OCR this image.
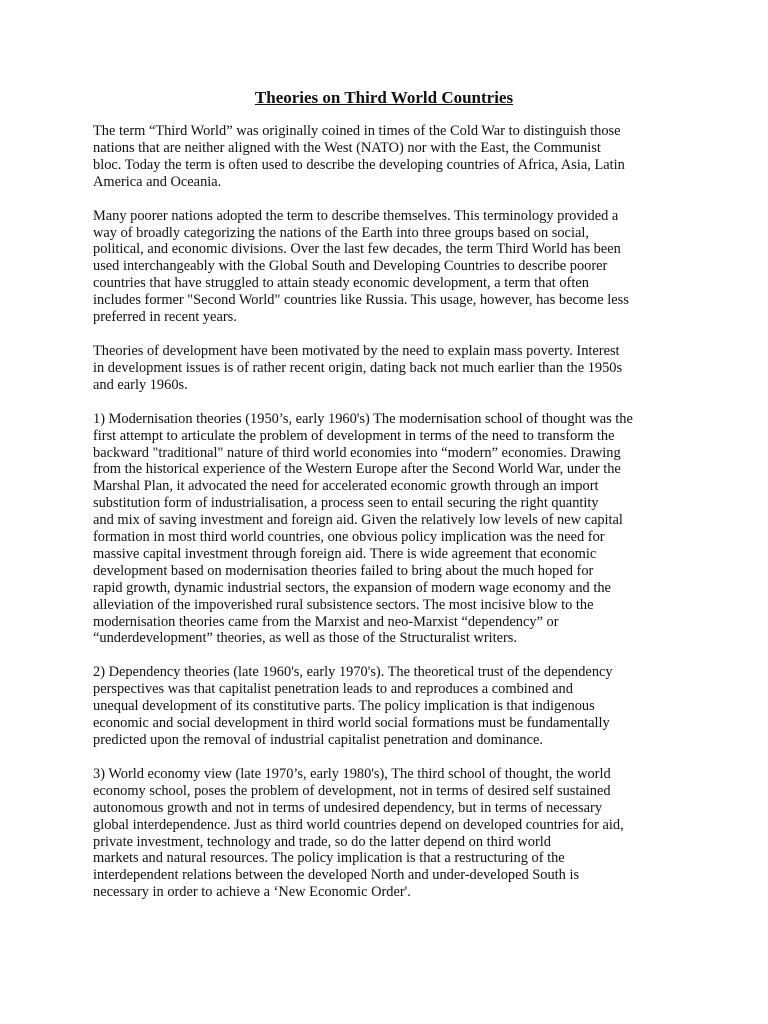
Theories on Third World Countries

The term “Third World” was originally coined in times of the Cold War to distinguish those
nations that are neither aligned with the West (NATO) nor with the East, the Communist
bloc. Today the term is often used to describe the developing countries of Africa, Asia, Latin
America and Oceania.

Many poorer nations adopted the term to describe themselves. This terminology provided a
way of broadly categorizing the nations of the Earth into three groups based on social,
political, and economic divisions. Over the last few decades, the term Third World has been
used interchangeably with the Global South and Developing Countries to describe poorer
countries that have struggled to attain steady economic development, a term that often
includes former "Second World" countries like Russia. This usage, however, has become less
preferred in recent years.

Theories of development have been motivated by the need to explain mass poverty. Interest
in development issues is of rather recent origin, dating back not much earlier than the 1950s
and early 1960s.

1) Modernisation theories (1950’s, early 1960's) The modernisation school of thought was the
first attempt to articulate the problem of development in terms of the need to transform the
backward "traditional" nature of third world economies into “modern” economies. Drawing
from the historical experience of the Western Europe after the Second World War, under the
Marshal Plan, it advocated the need for accelerated economic growth through an import
substitution form of industrialisation, a process seen to entail securing the right quantity
and mix of saving investment and foreign aid. Given the relatively low levels of new capital
formation in most third world countries, one obvious policy implication was the need for
massive capital investment through foreign aid. There is wide agreement that economic
development based on modernisation theories failed to bring about the much hoped for
rapid growth, dynamic industrial sectors, the expansion of modern wage economy and the
alleviation of the impoverished rural subsistence sectors. The most incisive blow to the
modernisation theories came from the Marxist and neo-Marxist “dependency” or
“underdevelopment” theories, as well as those of the Structuralist writers.

2) Dependency theories (late 1960's, early 1970's). The theoretical trust of the dependency
perspectives was that capitalist penetration leads to and reproduces a combined and
unequal development of its constitutive parts. The policy implication is that indigenous
economic and social development in third world social formations must be fundamentally
predicted upon the removal of industrial capitalist penetration and dominance.

3) World economy view (late 1970’s, early 1980's), The third school of thought, the world
economy school, poses the problem of development, not in terms of desired self sustained
autonomous growth and not in terms of undesired dependency, but in terms of necessary
global interdependence. Just as third world countries depend on developed countries for aid,
private investment, technology and trade, so do the latter depend on third world
markets and natural resources. The policy implication is that a restructuring of the
interdependent relations between the developed North and under-developed South is
necessary in order to achieve a ‘New Economic Order'.
